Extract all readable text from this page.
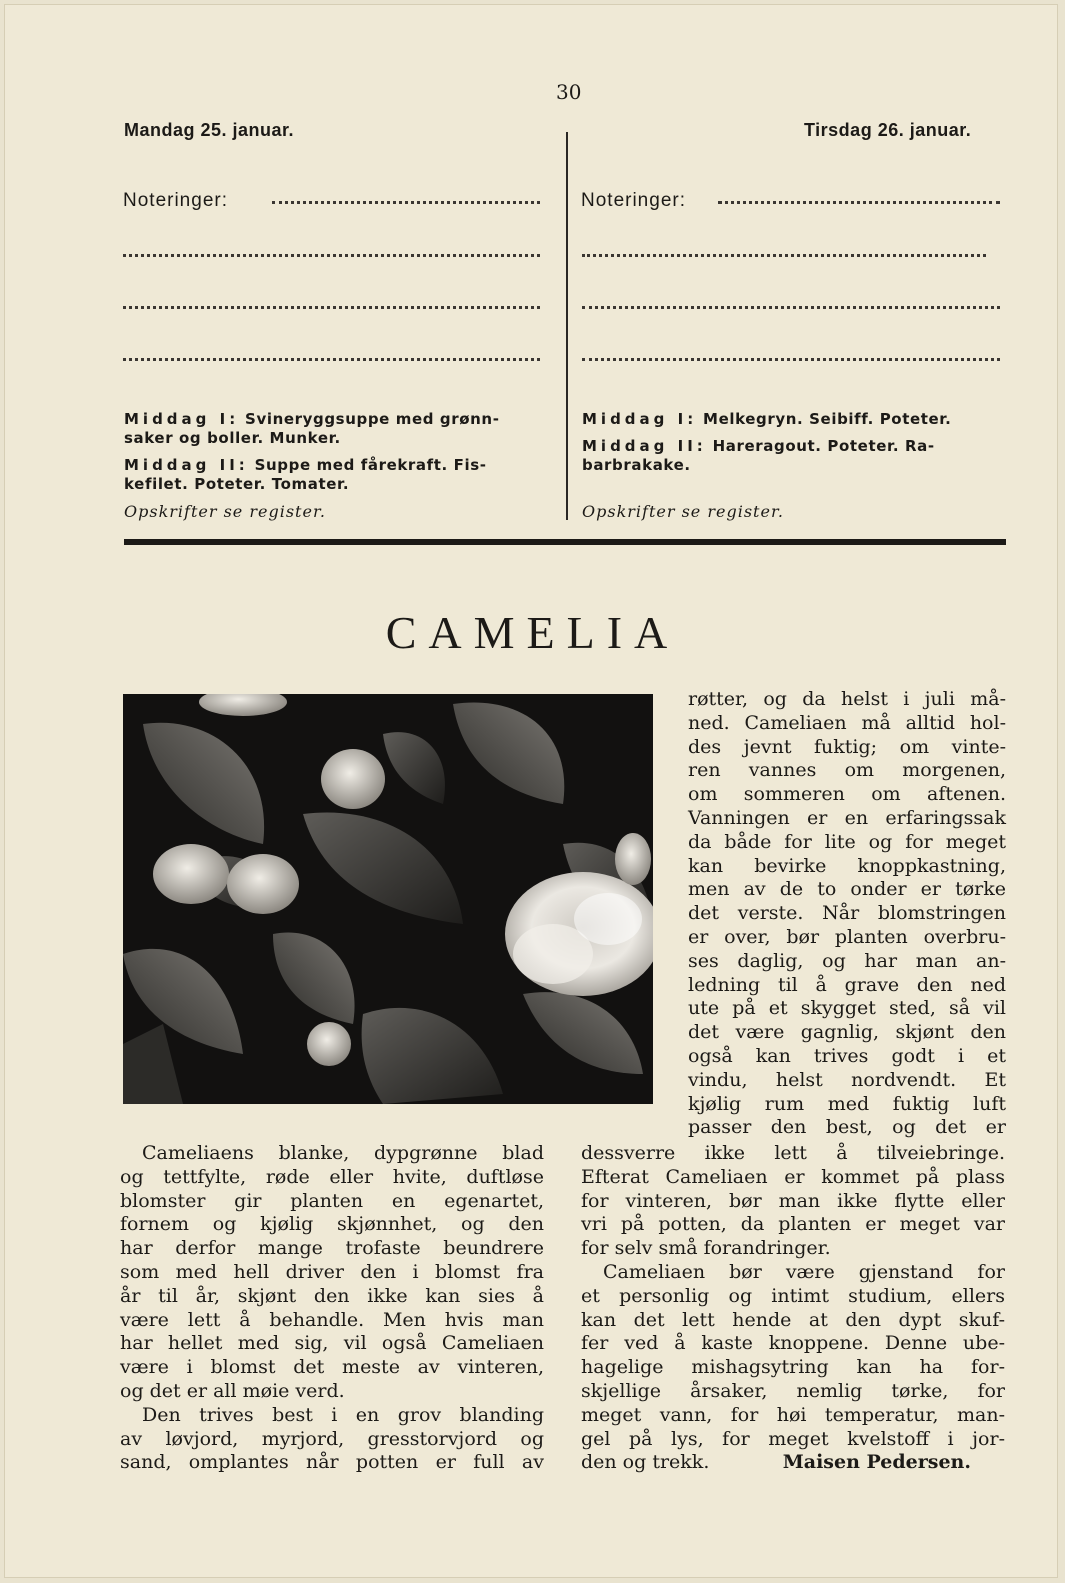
30
Mandag 25. januar.	Tirsdag 26. januar.
Noteringer:	Noteringer:
Middag I: Svineryggsuppe med grønn-
saker og boller. Munker.
Middag II: Suppe med fårekraft. Fis-
kefilet. Poteter. Tomater.
Opskrifter se register.
Middag I: Melkegryn. Seibiff. Poteter.
Middag II: Hareragout. Poteter. Ra-
barbrakake.
Opskrifter se register.
CAMELIA
røtter, og da helst i juli må-
ned. Cameliaen må alltid hol-
des jevnt fuktig; om vinte-
ren vannes om morgenen,
om sommeren om aftenen.
Vanningen er en erfaringssak
da både for lite og for meget
kan bevirke knoppkastning,
men av de to onder er tørke
det verste. Når blomstringen
er over, bør planten overbru-
ses daglig, og har man an-
ledning til å grave den ned
ute på et skygget sted, så vil
det være gagnlig, skjønt den
også kan trives godt i et
vindu, helst nordvendt. Et
kjølig rum med fuktig luft
passer den best, og det er
Cameliaens blanke, dypgrønne blad
og tettfylte, røde eller hvite, duftløse
blomster gir planten en egenartet,
fornem og kjølig skjønnhet, og den
har derfor mange trofaste beundrere
som med hell driver den i blomst fra
år til år, skjønt den ikke kan sies å
være lett å behandle. Men hvis man
har hellet med sig, vil også Cameliaen
være i blomst det meste av vinteren,
og det er all møie verd.
Den trives best i en grov blanding
av løvjord, myrjord, gresstorvjord og
sand, omplantes når potten er full av
dessverre ikke lett å tilveiebringe.
Efterat Cameliaen er kommet på plass
for vinteren, bør man ikke flytte eller
vri på potten, da planten er meget var
for selv små forandringer.
Cameliaen bør være gjenstand for
et personlig og intimt studium, ellers
kan det lett hende at den dypt skuf-
fer ved å kaste knoppene. Denne ube-
hagelige mishagsytring kan ha for-
skjellige årsaker, nemlig tørke, for
meget vann, for høi temperatur, man-
gel på lys, for meget kvelstoff i jor-
den og trekk.	Maisen Pedersen.
